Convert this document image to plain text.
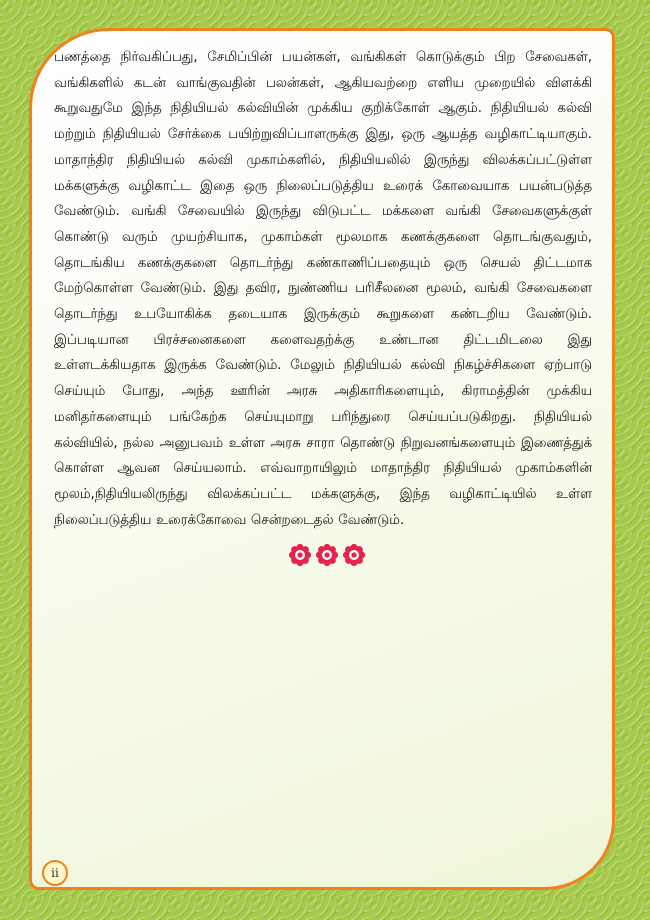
பணத்தை நிர்வகிப்பது, சேமிப்பின் பயன்கள், வங்கிகள் கொடுக்கும் பிற சேவைகள், வங்கிகளில் கடன் வாங்குவதின் பலன்கள், ஆகியவற்றை எளிய முறையில் விளக்கி கூறுவதுமே இந்த நிதியியல் கல்வியின் முக்கிய குறிக்கோள் ஆகும். நிதியியல் கல்வி மற்றும் நிதியியல் சேர்க்கை பயிற்றுவிப்பாளருக்கு இது, ஒரு ஆயத்த வழிகாட்டியாகும். மாதாந்திர நிதியியல் கல்வி முகாம்களில், நிதியியலில் இருந்து விலக்கப்பட்டுள்ள மக்களுக்கு வழிகாட்ட இதை ஒரு நிலைப்படுத்திய உரைக் கோவையாக பயன்படுத்த வேண்டும். வங்கி சேவையில் இருந்து விடுபட்ட மக்களை வங்கி சேவைகளுக்குள் கொண்டு வரும் முயற்சியாக, முகாம்கள் மூலமாக கணக்குகளை தொடங்குவதும், தொடங்கிய கணக்குகளை தொடர்ந்து கண்காணிப்பதையும் ஒரு செயல் திட்டமாக மேற்கொள்ள வேண்டும். இது தவிர, நுண்ணிய பரிசீலனை மூலம், வங்கி சேவைகளை தொடர்ந்து உபயோகிக்க தடையாக இருக்கும் கூறுகளை கண்டறிய வேண்டும். இப்படியான பிரச்சனைகளை களைவதற்க்கு உண்டான திட்டமிடலை இது உள்ளடக்கியதாக இருக்க வேண்டும். மேலும் நிதியியல் கல்வி நிகழ்ச்சிகளை ஏற்பாடு செய்யும் போது, அந்த ஊரின் அரசு அதிகாரிகளையும், கிராமத்தின் முக்கிய மனிதர்களையும் பங்கேற்க செய்யுமாறு பரிந்துரை செய்யப்படுகிறது. நிதியியல் கல்வியில், நல்ல அனுபவம் உள்ள அரசு சாரா தொண்டு நிறுவனங்களையும் இணைத்துக் கொள்ள ஆவன செய்யலாம். எவ்வாறாயிலும் மாதாந்திர நிதியியல் முகாம்களின் மூலம்,நிதியியலிருந்து விலக்கப்பட்ட மக்களுக்கு, இந்த வழிகாட்டியில் உள்ள நிலைப்படுத்திய உரைக்கோவை சென்றடைதல் வேண்டும்.

ii
